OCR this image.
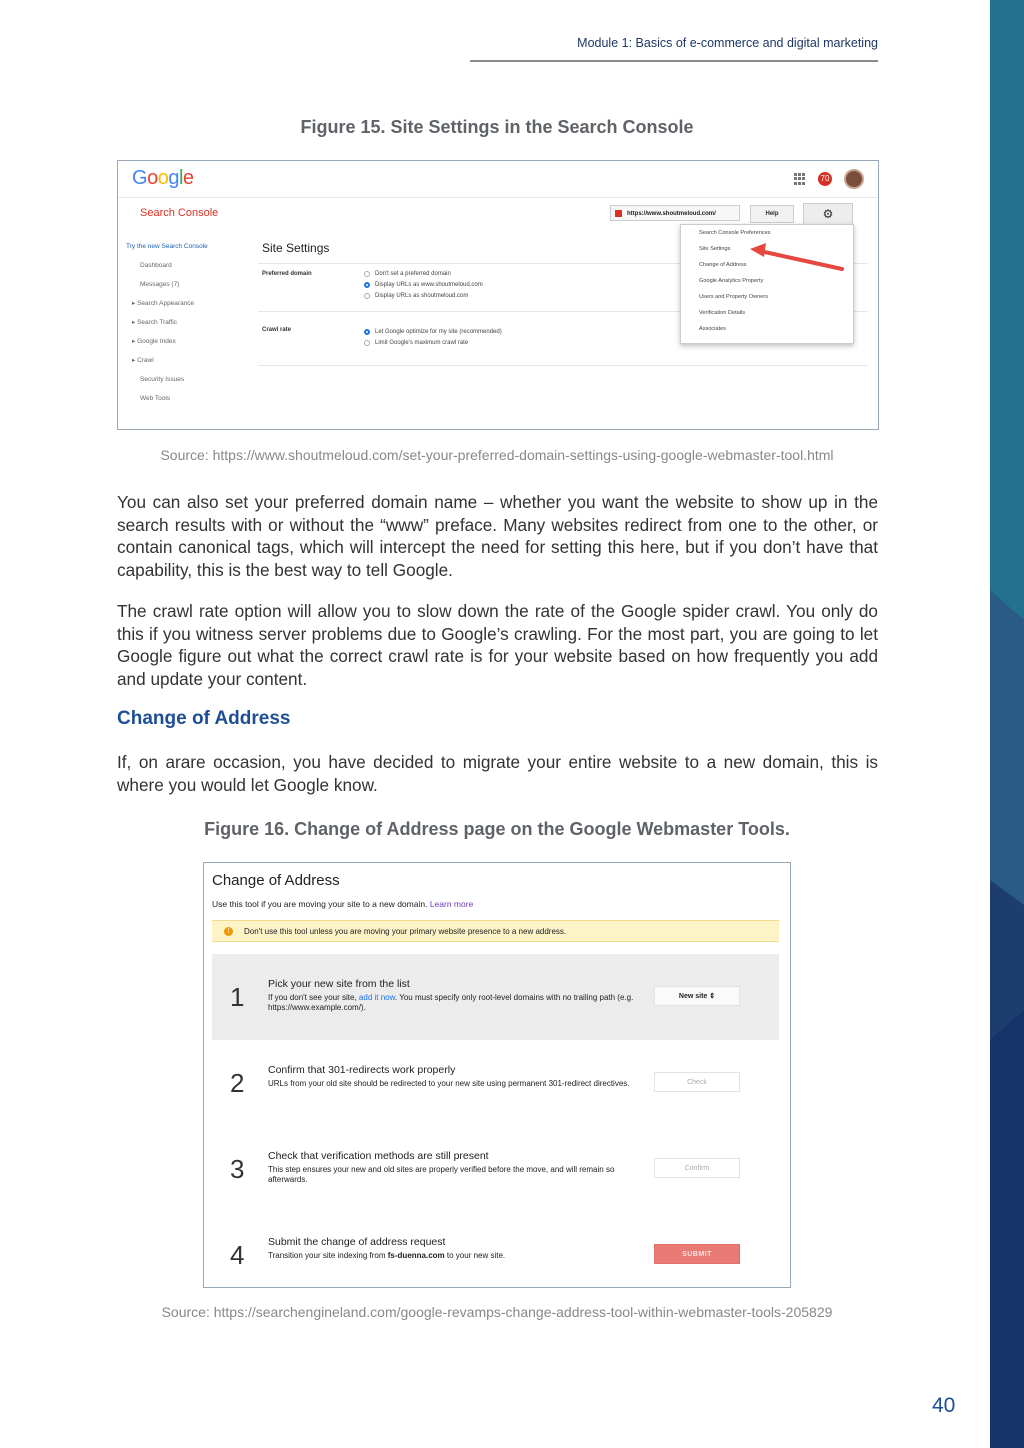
Module 1: Basics of e-commerce and digital marketing
Figure 15. Site Settings in the Search Console
Google	70
Search Console	https://www.shoutmeloud.com/	Help	⚙
Try the new Search Console
Dashboard
Messages (7)
▸ Search Appearance
▸ Search Traffic
▸ Google Index
▸ Crawl
Security Issues
Web Tools
Site Settings
Preferred domain	Don't set a preferred domain
Display URLs as www.shoutmeloud.com
Display URLs as shoutmeloud.com
Crawl rate	Let Google optimize for my site (recommended)
Limit Google's maximum crawl rate
Search Console Preferences
Site Settings
Change of Address
Google Analytics Property
Users and Property Owners
Verification Details
Associates
Source: https://www.shoutmeloud.com/set-your-preferred-domain-settings-using-google-webmaster-tool.html

You can also set your preferred domain name – whether you want the website to show up in the search results with or without the “www” preface. Many websites redirect from one to the other, or contain canonical tags, which will intercept the need for setting this here, but if you don’t have that capability, this is the best way to tell Google.

The crawl rate option will allow you to slow down the rate of the Google spider crawl. You only do this if you witness server problems due to Google’s crawling. For the most part, you are going to let Google figure out what the correct crawl rate is for your website based on how frequently you add and update your content.

Change of Address

If, on arare occasion, you have decided to migrate your entire website to a new domain, this is where you would let Google know.

Figure 16. Change of Address page on the Google Webmaster Tools.
Change of Address
Use this tool if you are moving your site to a new domain. Learn more
!	Don't use this tool unless you are moving your primary website presence to a new address.
1 Pick your new site from the list
If you don't see your site, add it now. You must specify only root-level domains with no trailing path (e.g. https://www.example.com/).
New site ⇕
2 Confirm that 301-redirects work properly
URLs from your old site should be redirected to your new site using permanent 301-redirect directives.	Check
3 Check that verification methods are still present
This step ensures your new and old sites are properly verified before the move, and will remain so afterwards.
Confirm
4 Submit the change of address request
Transition your site indexing from fs-duenna.com to your new site.	SUBMIT
Source: https://searchengineland.com/google-revamps-change-address-tool-within-webmaster-tools-205829
40
